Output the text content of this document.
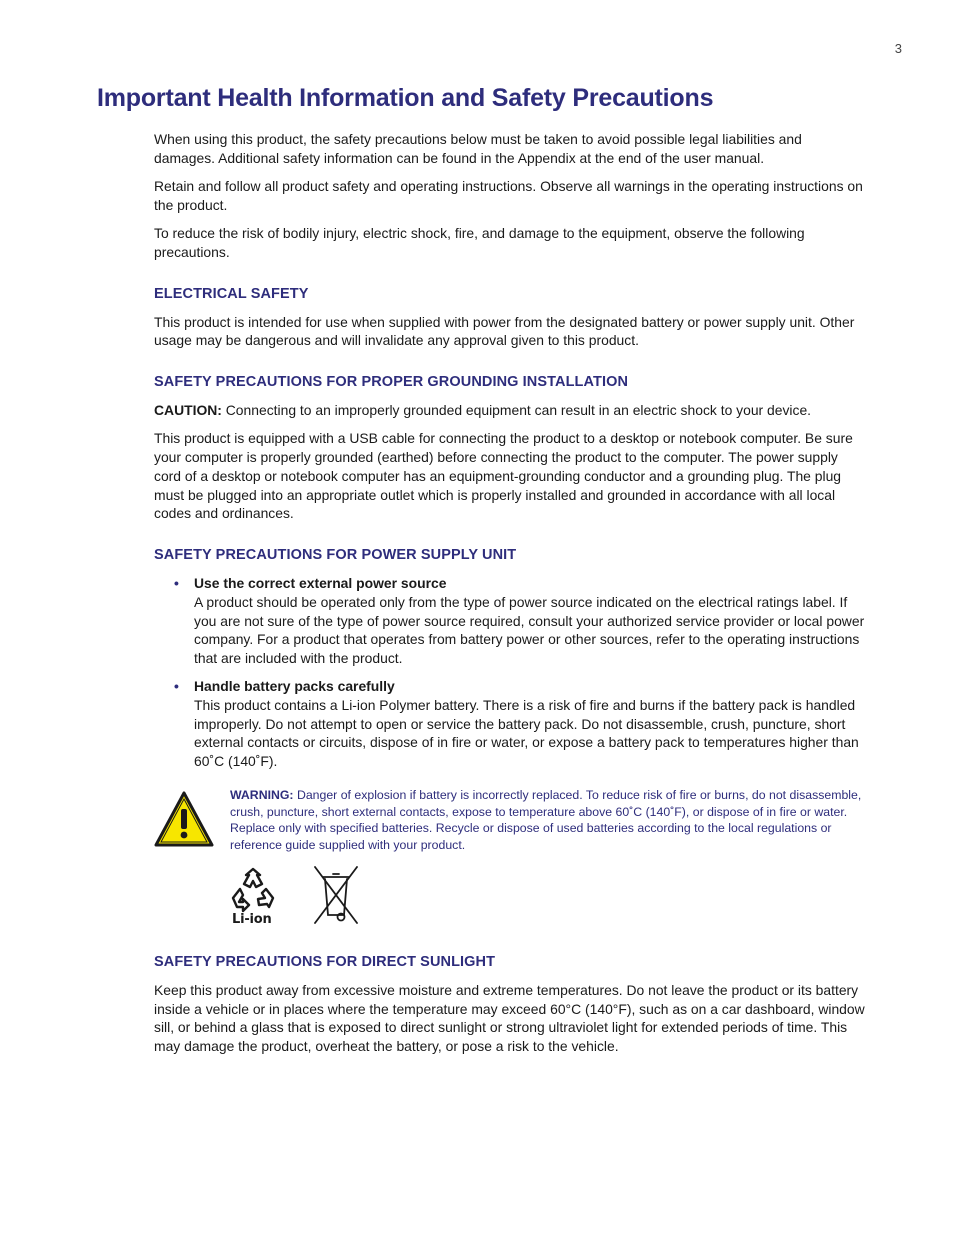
3
Important Health Information and Safety Precautions

When using this product, the safety precautions below must be taken to avoid possible legal liabilities and damages. Additional safety information can be found in the Appendix at the end of the user manual.

Retain and follow all product safety and operating instructions. Observe all warnings in the operating instructions on the product.

To reduce the risk of bodily injury, electric shock, fire, and damage to the equipment, observe the following precautions.

ELECTRICAL SAFETY

This product is intended for use when supplied with power from the designated battery or power supply unit. Other usage may be dangerous and will invalidate any approval given to this product.

SAFETY PRECAUTIONS FOR PROPER GROUNDING INSTALLATION

CAUTION: Connecting to an improperly grounded equipment can result in an electric shock to your device.

This product is equipped with a USB cable for connecting the product to a desktop or notebook computer. Be sure your computer is properly grounded (earthed) before connecting the product to the computer. The power supply cord of a desktop or notebook computer has an equipment-grounding conductor and a grounding plug. The plug must be plugged into an appropriate outlet which is properly installed and grounded in accordance with all local codes and ordinances.

SAFETY PRECAUTIONS FOR POWER SUPPLY UNIT
• Use the correct external power source
A product should be operated only from the type of power source indicated on the electrical ratings label. If you are not sure of the type of power source required, consult your authorized service provider or local power company. For a product that operates from battery power or other sources, refer to the operating instructions that are included with the product.
• Handle battery packs carefully
This product contains a Li-ion Polymer battery. There is a risk of fire and burns if the battery pack is handled improperly. Do not attempt to open or service the battery pack. Do not disassemble, crush, puncture, short external contacts or circuits, dispose of in fire or water, or expose a battery pack to temperatures higher than 60˚C (140˚F).
WARNING: Danger of explosion if battery is incorrectly replaced. To reduce risk of fire or burns, do not disassemble, crush, puncture, short external contacts, expose to temperature above 60˚C (140˚F), or dispose of in fire or water. Replace only with specified batteries. Recycle or dispose of used batteries according to the local regulations or reference guide supplied with your product.
Li-ion
SAFETY PRECAUTIONS FOR DIRECT SUNLIGHT

Keep this product away from excessive moisture and extreme temperatures. Do not leave the product or its battery inside a vehicle or in places where the temperature may exceed 60°C (140°F), such as on a car dashboard, window sill, or behind a glass that is exposed to direct sunlight or strong ultraviolet light for extended periods of time. This may damage the product, overheat the battery, or pose a risk to the vehicle.
